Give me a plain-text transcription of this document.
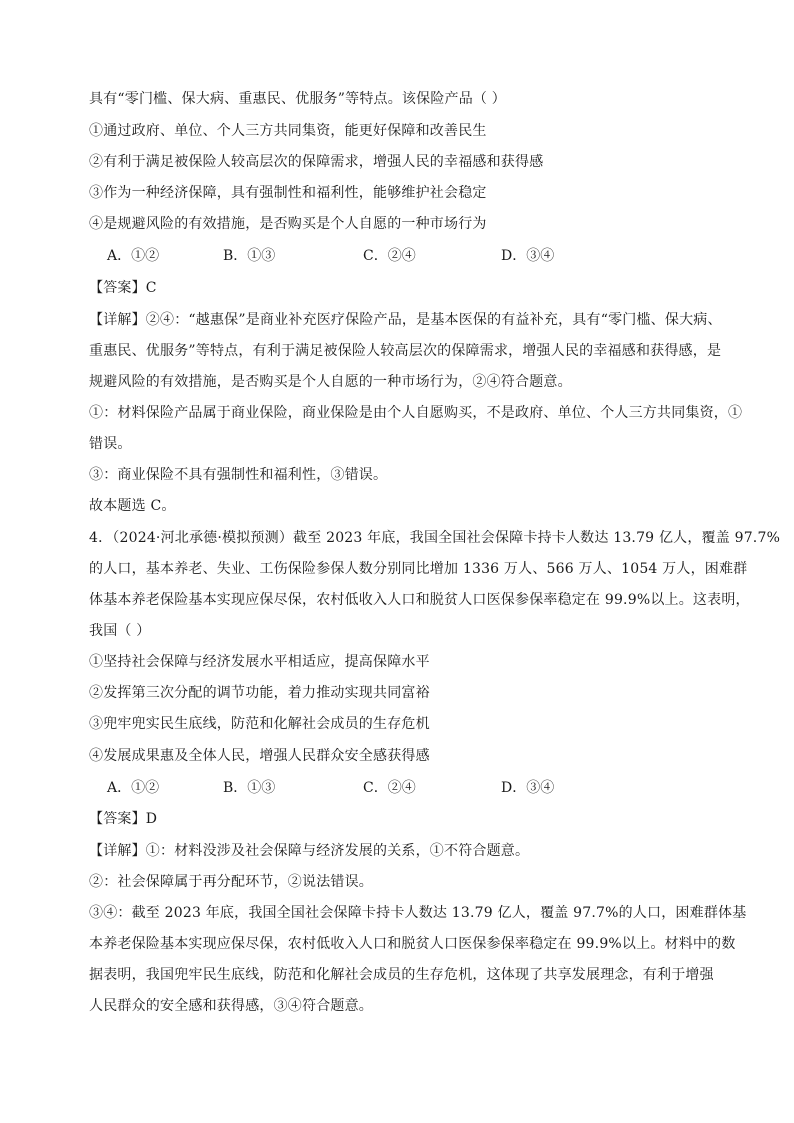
具有“零门槛、保大病、重惠民、优服务”等特点。该保险产品（ ）
①通过政府、单位、个人三方共同集资，能更好保障和改善民生
②有利于满足被保险人较高层次的保障需求，增强人民的幸福感和获得感
③作为一种经济保障，具有强制性和福利性，能够维护社会稳定
④是规避风险的有效措施，是否购买是个人自愿的一种市场行为
A．①②	B．①③	C．②④	D．③④
【答案】C
【详解】②④：“越惠保”是商业补充医疗保险产品，是基本医保的有益补充，具有“零门槛、保大病、
重惠民、优服务”等特点，有利于满足被保险人较高层次的保障需求，增强人民的幸福感和获得感，是
规避风险的有效措施，是否购买是个人自愿的一种市场行为，②④符合题意。
①：材料保险产品属于商业保险，商业保险是由个人自愿购买，不是政府、单位、个人三方共同集资，①
错误。
③：商业保险不具有强制性和福利性，③错误。
故本题选 C。
4．（2024·河北承德·模拟预测）截至 2023 年底，我国全国社会保障卡持卡人数达 13.79 亿人，覆盖 97.7%
的人口，基本养老、失业、工伤保险参保人数分别同比增加 1336 万人、566 万人、1054 万人，困难群
体基本养老保险基本实现应保尽保，农村低收入人口和脱贫人口医保参保率稳定在 99.9%以上。这表明，
我国（ ）
①坚持社会保障与经济发展水平相适应，提高保障水平
②发挥第三次分配的调节功能，着力推动实现共同富裕
③兜牢兜实民生底线，防范和化解社会成员的生存危机
④发展成果惠及全体人民，增强人民群众安全感获得感
A．①②	B．①③	C．②④	D．③④
【答案】D
【详解】①：材料没涉及社会保障与经济发展的关系，①不符合题意。
②：社会保障属于再分配环节，②说法错误。
③④：截至 2023 年底，我国全国社会保障卡持卡人数达 13.79 亿人，覆盖 97.7%的人口，困难群体基
本养老保险基本实现应保尽保，农村低收入人口和脱贫人口医保参保率稳定在 99.9%以上。材料中的数
据表明，我国兜牢民生底线，防范和化解社会成员的生存危机，这体现了共享发展理念，有利于增强
人民群众的安全感和获得感，③④符合题意。
